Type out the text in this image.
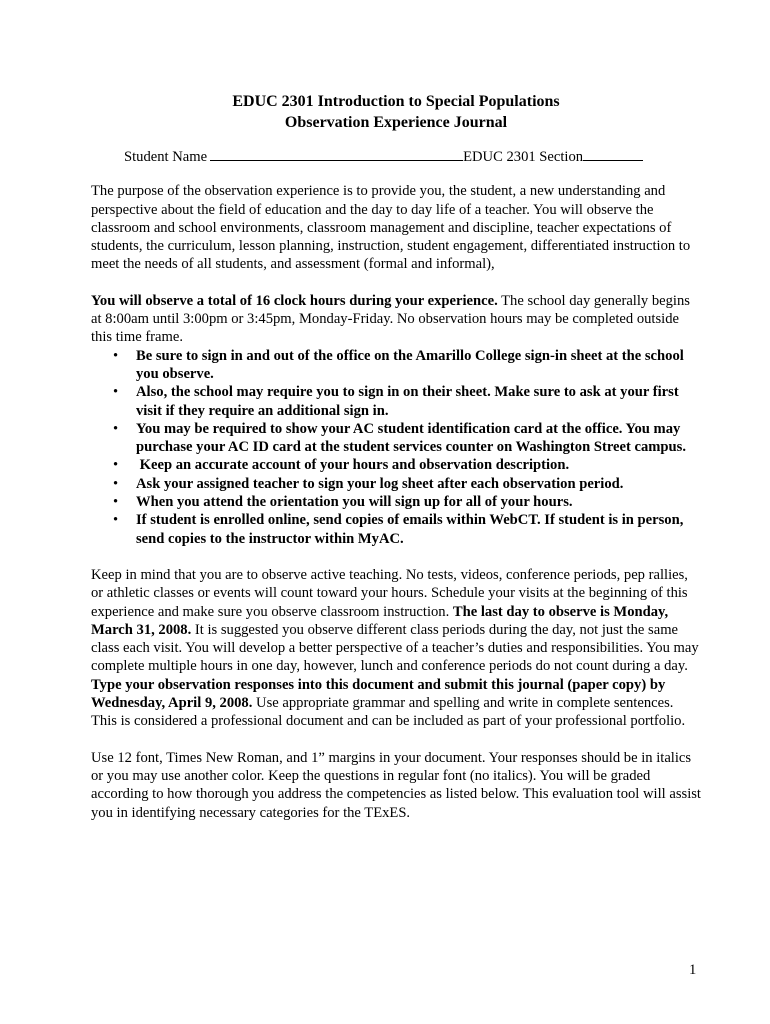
EDUC 2301 Introduction to Special Populations

Observation Experience Journal

Student Name	EDUC 2301 Section

The purpose of the observation experience is to provide you, the student, a new understanding and perspective about the field of education and the day to day life of a teacher. You will observe the classroom and school environments, classroom management and discipline, teacher expectations of students, the curriculum, lesson planning, instruction, student engagement, differentiated instruction to meet the needs of all students, and assessment (formal and informal),

You will observe a total of 16 clock hours during your experience. The school day generally begins at 8:00am until 3:00pm or 3:45pm, Monday-Friday. No observation hours may be completed outside this time frame.

• Be sure to sign in and out of the office on the Amarillo College sign-in sheet at the school you observe.
• Also, the school may require you to sign in on their sheet. Make sure to ask at your first visit if they require an additional sign in.
• You may be required to show your AC student identification card at the office. You may purchase your AC ID card at the student services counter on Washington Street campus.
• Keep an accurate account of your hours and observation description.
• Ask your assigned teacher to sign your log sheet after each observation period.
• When you attend the orientation you will sign up for all of your hours.
• If student is enrolled online, send copies of emails within WebCT. If student is in person, send copies to the instructor within MyAC.

Keep in mind that you are to observe active teaching. No tests, videos, conference periods, pep rallies, or athletic classes or events will count toward your hours. Schedule your visits at the beginning of this experience and make sure you observe classroom instruction. The last day to observe is Monday, March 31, 2008. It is suggested you observe different class periods during the day, not just the same class each visit. You will develop a better perspective of a teacher’s duties and responsibilities. You may complete multiple hours in one day, however, lunch and conference periods do not count during a day. Type your observation responses into this document and submit this journal (paper copy) by Wednesday, April 9, 2008. Use appropriate grammar and spelling and write in complete sentences. This is considered a professional document and can be included as part of your professional portfolio.

Use 12 font, Times New Roman, and 1” margins in your document. Your responses should be in italics or you may use another color. Keep the questions in regular font (no italics). You will be graded according to how thorough you address the competencies as listed below. This evaluation tool will assist you in identifying necessary categories for the TExES.

1
